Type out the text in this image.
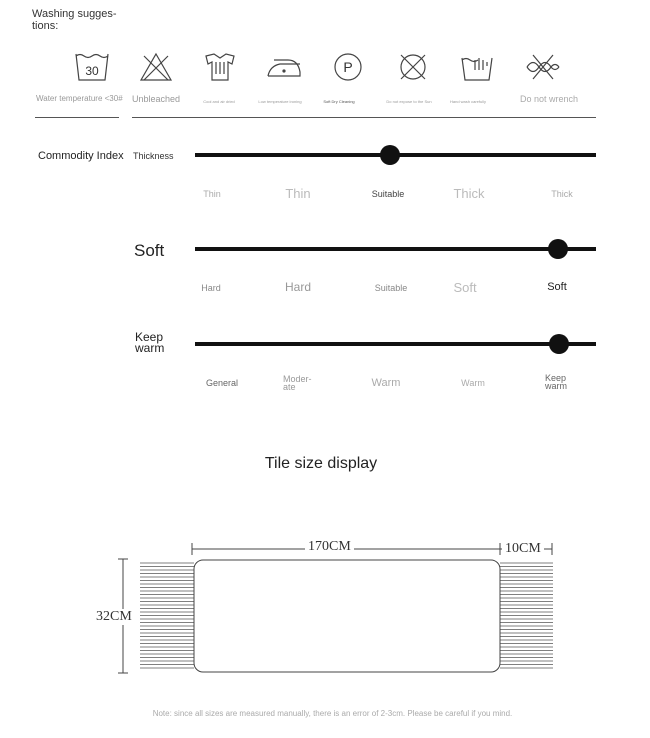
Washing sugges-
tions:
30	P
Water temperature <30#	Unbleached	Cool and air dried	Low temperature ironing	Soft Dry Cleaning	Do not expose to the Sun	Hand wash carefully	Do not wrench
Commodity Index Thickness
Thin	Thin	Suitable	Thick	Thick
Soft
Hard	Hard	Suitable	Soft	Soft
Keep
warm
General	Moder-
ate	Warm	Warm	Keep
warm
Tile size display
170CM	10CM
32CM
Note: since all sizes are measured manually, there is an error of 2-3cm. Please be careful if you mind.
